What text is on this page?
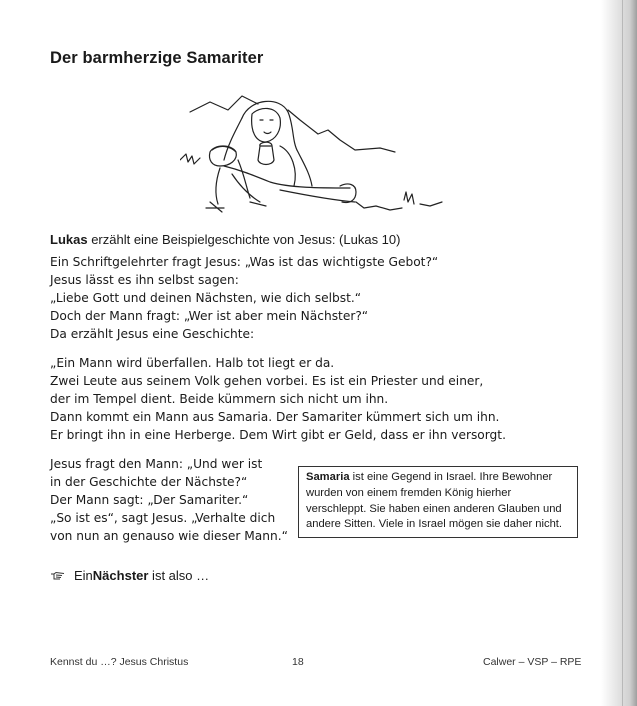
Der barmherzige Samariter
Lukas erzählt eine Beispielgeschichte von Jesus: (Lukas 10)
Ein Schriftgelehrter fragt Jesus: „Was ist das wichtigste Gebot?“
Jesus lässt es ihn selbst sagen:
„Liebe Gott und deinen Nächsten, wie dich selbst.“
Doch der Mann fragt: „Wer ist aber mein Nächster?“
Da erzählt Jesus eine Geschichte:
„Ein Mann wird überfallen. Halb tot liegt er da.
Zwei Leute aus seinem Volk gehen vorbei. Es ist ein Priester und einer,
der im Tempel dient. Beide kümmern sich nicht um ihn.
Dann kommt ein Mann aus Samaria. Der Samariter kümmert sich um ihn.
Er bringt ihn in eine Herberge. Dem Wirt gibt er Geld, dass er ihn versorgt.
Jesus fragt den Mann: „Und wer ist
in der Geschichte der Nächste?“
Der Mann sagt: „Der Samariter.“
„So ist es“, sagt Jesus. „Verhalte dich
von nun an genauso wie dieser Mann.“
Samaria ist eine Gegend in Israel. Ihre Bewohner wurden von einem fremden König hierher verschleppt. Sie haben einen anderen Glauben und andere Sitten. Viele in Israel mögen sie daher nicht.
Ein Nächster ist also …
Kennst du …? Jesus Christus	18	Calwer – VSP – RPE
